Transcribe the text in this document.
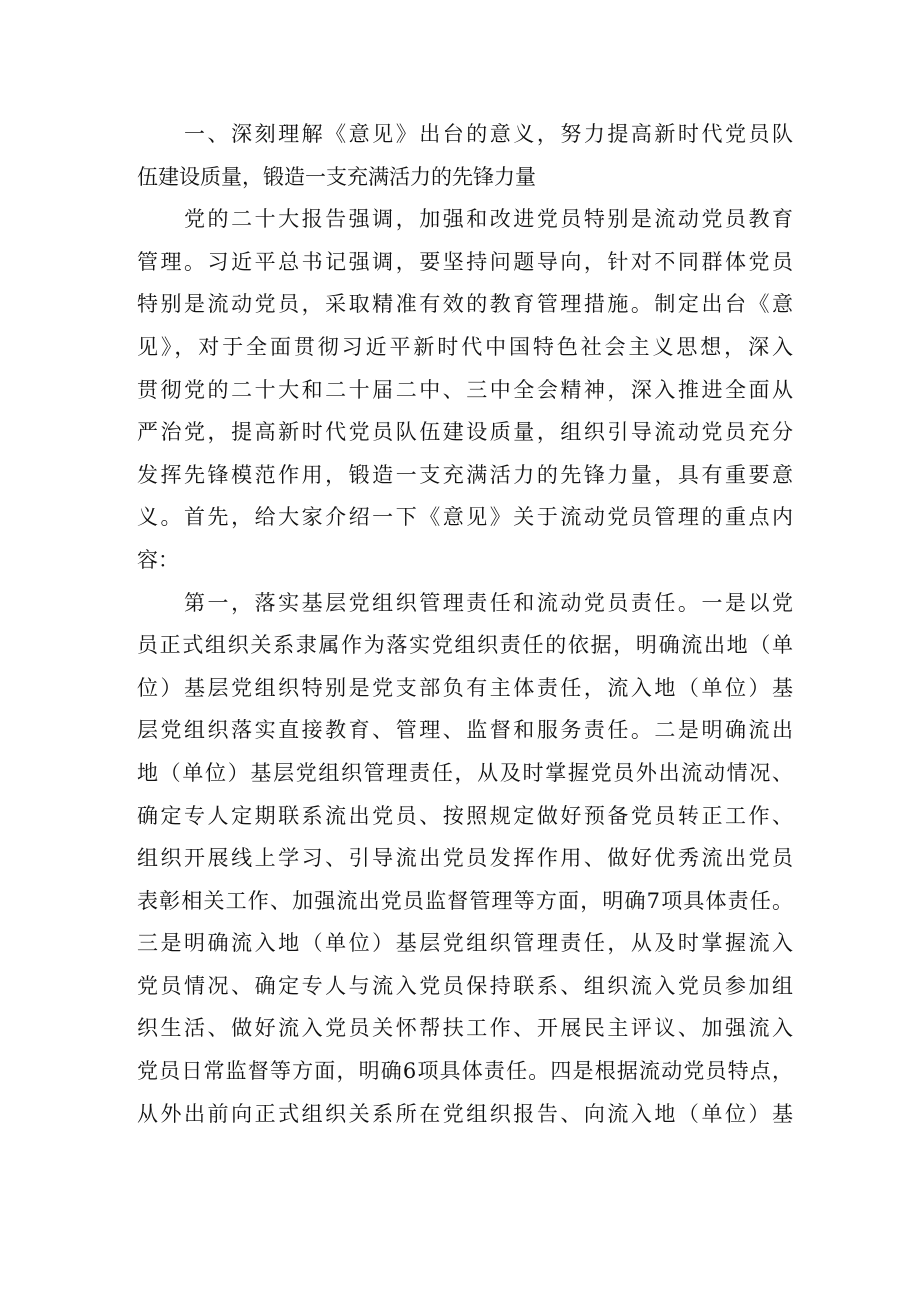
　　一、深刻理解《意见》出台的意义，努力提高新时代党员队
伍建设质量，锻造一支充满活力的先锋力量
　　党的二十大报告强调，加强和改进党员特别是流动党员教育
管理。习近平总书记强调，要坚持问题导向，针对不同群体党员
特别是流动党员，采取精准有效的教育管理措施。制定出台《意
见》，对于全面贯彻习近平新时代中国特色社会主义思想，深入
贯彻党的二十大和二十届二中、三中全会精神，深入推进全面从
严治党，提高新时代党员队伍建设质量，组织引导流动党员充分
发挥先锋模范作用，锻造一支充满活力的先锋力量，具有重要意
义。首先，给大家介绍一下《意见》关于流动党员管理的重点内
容：
　　第一，落实基层党组织管理责任和流动党员责任。一是以党
员正式组织关系隶属作为落实党组织责任的依据，明确流出地（单
位）基层党组织特别是党支部负有主体责任，流入地（单位）基
层党组织落实直接教育、管理、监督和服务责任。二是明确流出
地（单位）基层党组织管理责任，从及时掌握党员外出流动情况、
确定专人定期联系流出党员、按照规定做好预备党员转正工作、
组织开展线上学习、引导流出党员发挥作用、做好优秀流出党员
表彰相关工作、加强流出党员监督管理等方面，明确7项具体责任。
三是明确流入地（单位）基层党组织管理责任，从及时掌握流入
党员情况、确定专人与流入党员保持联系、组织流入党员参加组
织生活、做好流入党员关怀帮扶工作、开展民主评议、加强流入
党员日常监督等方面，明确6项具体责任。四是根据流动党员特点，
从外出前向正式组织关系所在党组织报告、向流入地（单位）基
